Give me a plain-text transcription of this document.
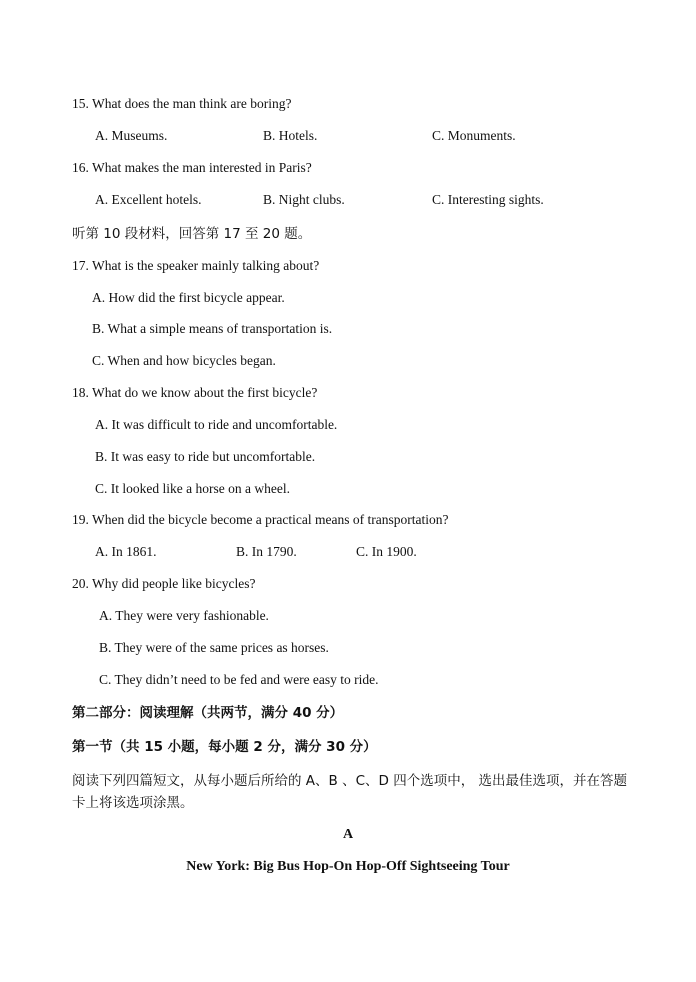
15. What does the man think are boring?
A. Museums.	B. Hotels.	C. Monuments.
16. What makes the man interested in Paris?
A. Excellent hotels.	B. Night clubs.	C. Interesting sights.
听第 10 段材料，回答第 17 至 20 题。
17. What is the speaker mainly talking about?
A. How did the first bicycle appear.
B. What a simple means of transportation is.
C. When and how bicycles began.
18. What do we know about the first bicycle?
A. It was difficult to ride and uncomfortable.
B. It was easy to ride but uncomfortable.
C. It looked like a horse on a wheel.
19. When did the bicycle become a practical means of transportation?
A. In 1861.	B. In 1790.	C. In 1900.
20. Why did people like bicycles?
A. They were very fashionable.
B. They were of the same prices as horses.
C. They didn’t need to be fed and were easy to ride.
第二部分：阅读理解（共两节，满分 40 分）
第一节（共 15 小题，每小题 2 分，满分 30 分）
阅读下列四篇短文，从每小题后所给的 A、B 、C、D 四个选项中， 选出最佳选项，并在答题卡上将该选项涂黑。
A
New York: Big Bus Hop-On Hop-Off Sightseeing Tour
